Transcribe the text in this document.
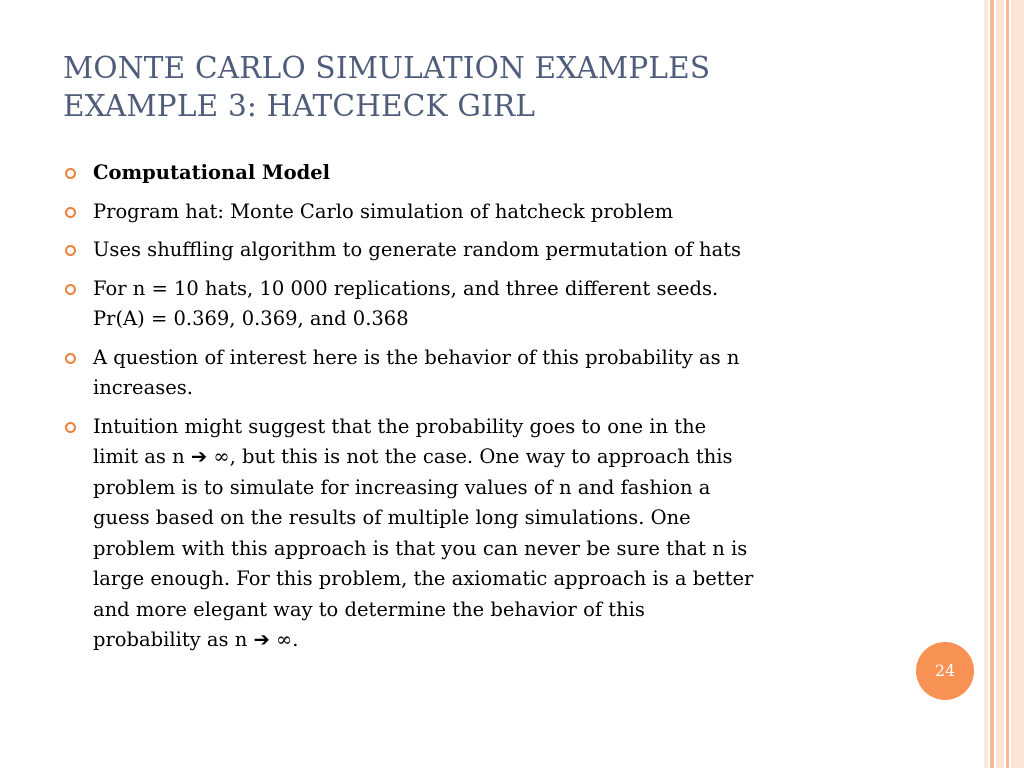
MONTE CARLO SIMULATION EXAMPLES
EXAMPLE 3: HATCHECK GIRL
Computational Model
Program hat: Monte Carlo simulation of hatcheck problem
Uses shuffling algorithm to generate random permutation of hats
For n = 10 hats, 10 000 replications, and three different seeds.
Pr(A) = 0.369, 0.369, and 0.368
A question of interest here is the behavior of this probability as n
increases.
Intuition might suggest that the probability goes to one in the
limit as n ➔ ∞, but this is not the case. One way to approach this
problem is to simulate for increasing values of n and fashion a
guess based on the results of multiple long simulations. One
problem with this approach is that you can never be sure that n is
large enough. For this problem, the axiomatic approach is a better
and more elegant way to determine the behavior of this
probability as n ➔ ∞.
24
